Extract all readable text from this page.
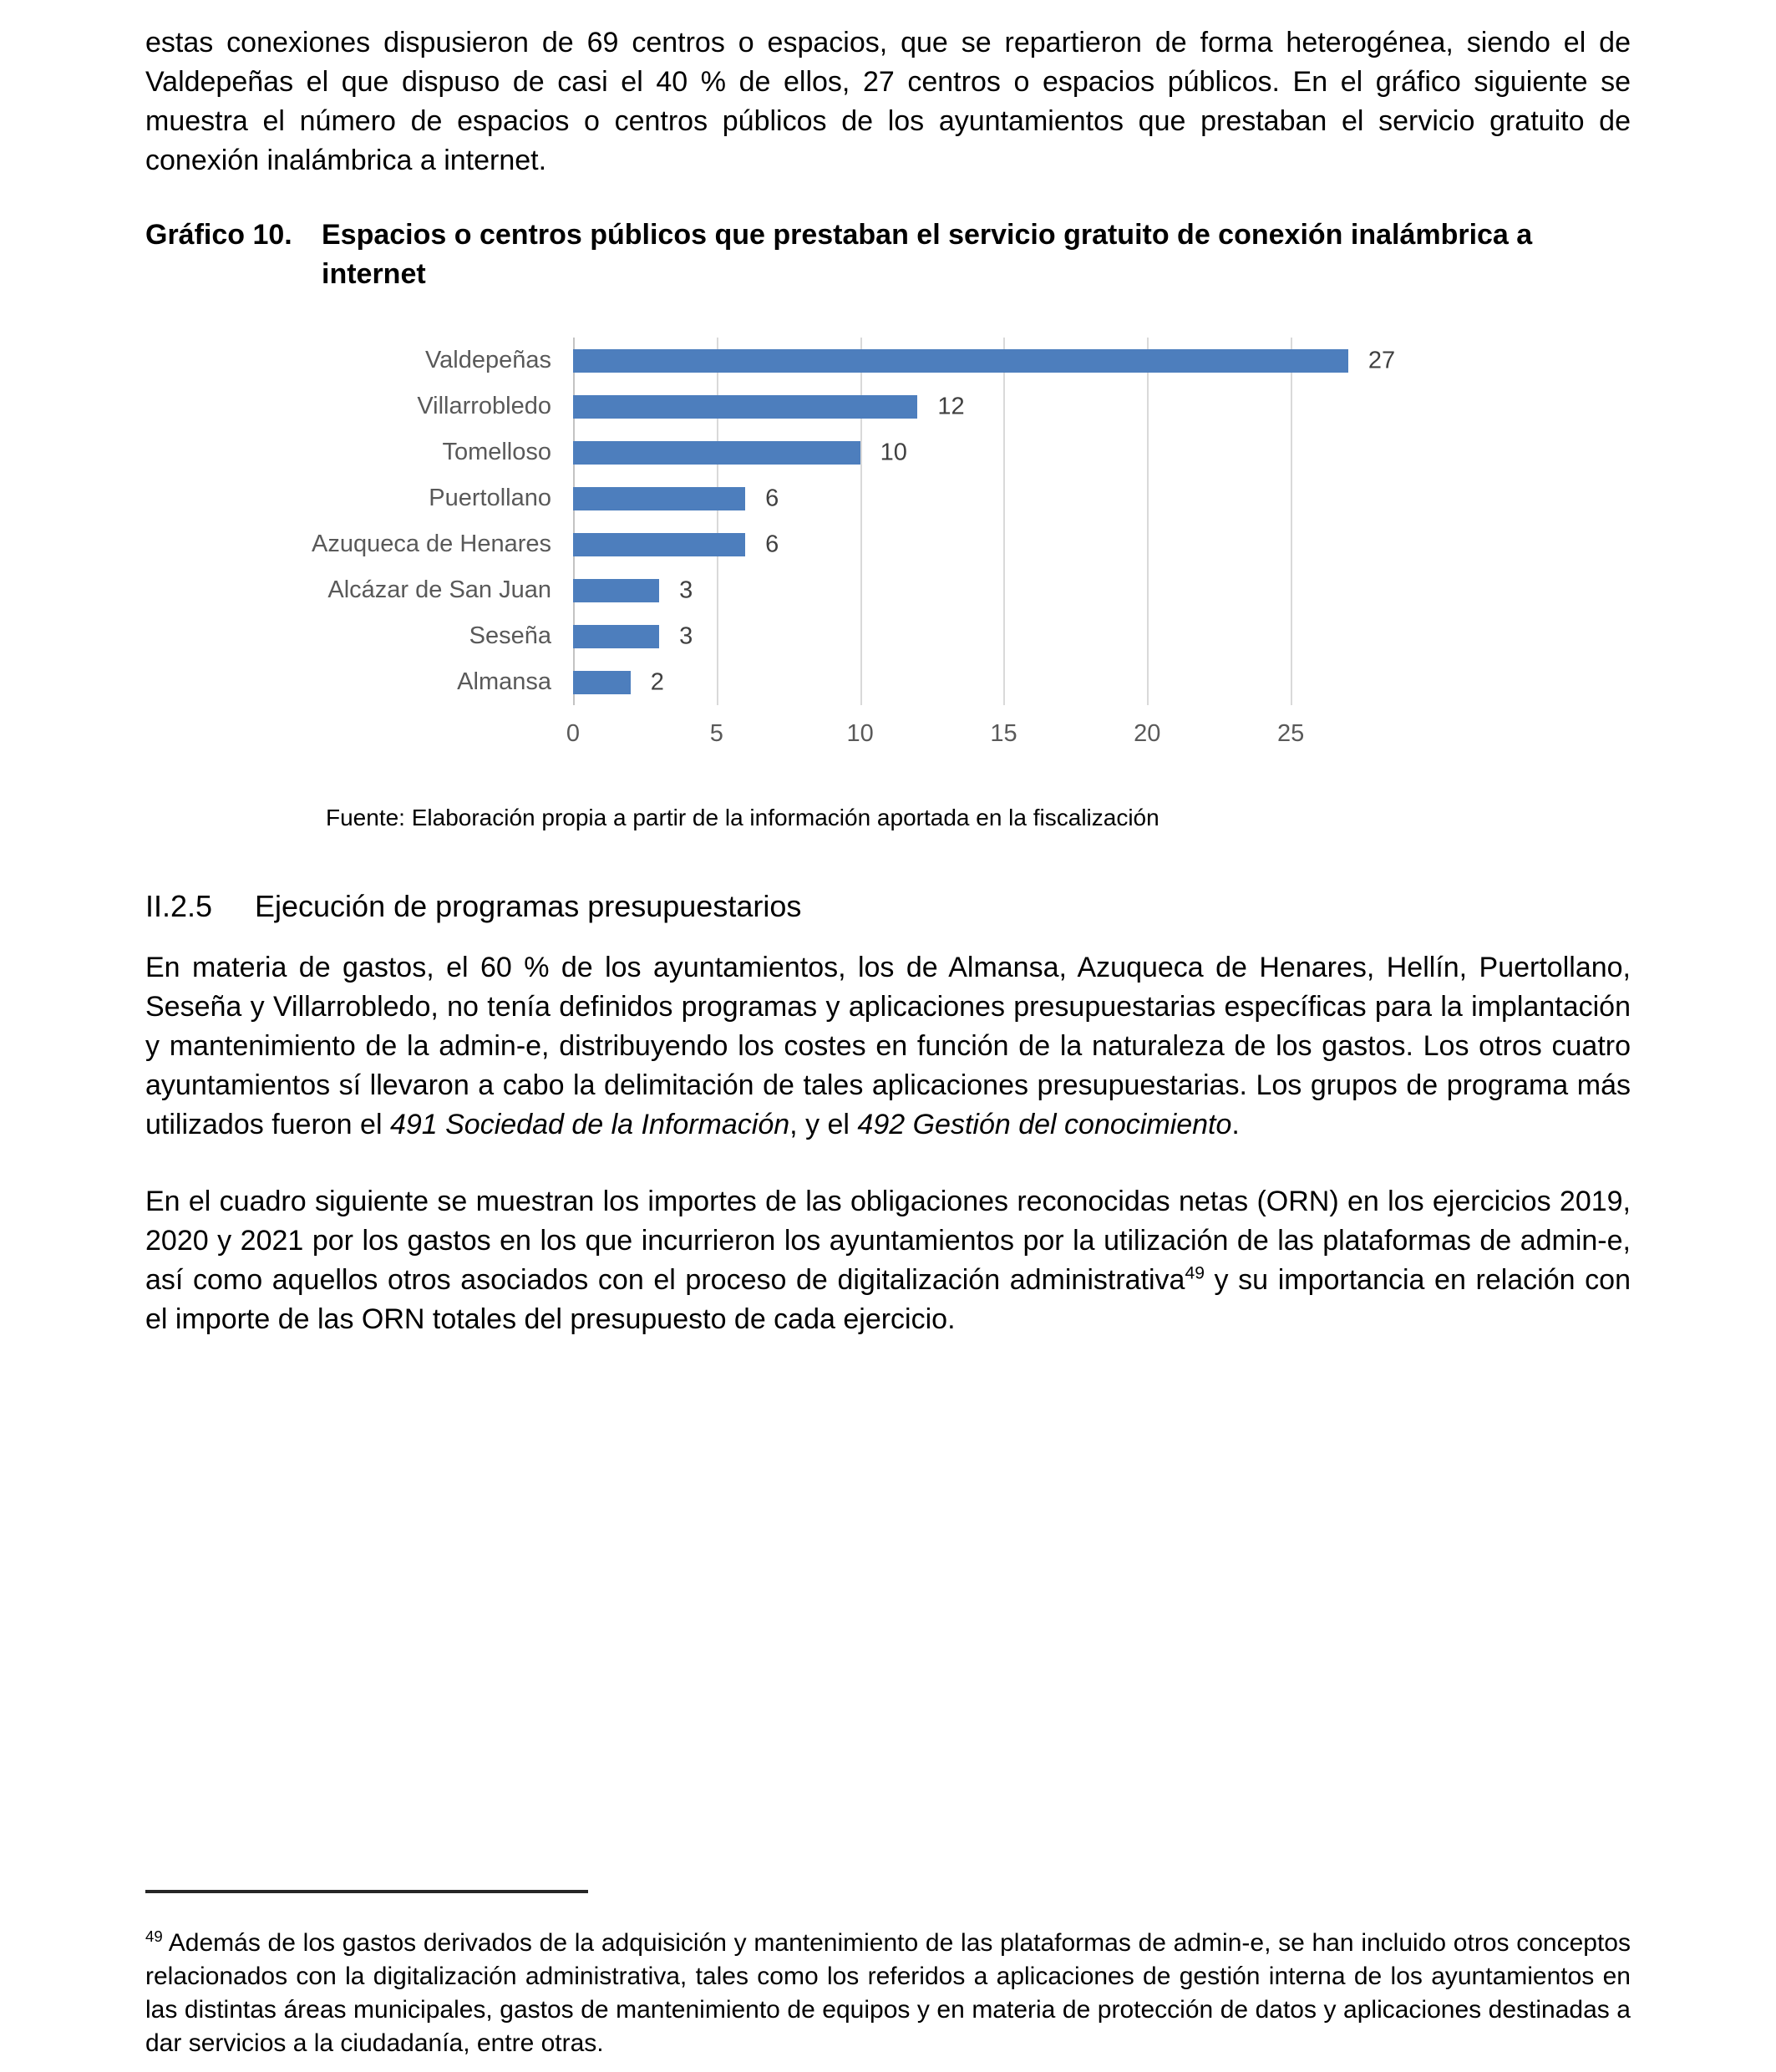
estas conexiones dispusieron de 69 centros o espacios, que se repartieron de forma heterogénea, siendo el de Valdepeñas el que dispuso de casi el 40 % de ellos, 27 centros o espacios públicos. En el gráfico siguiente se muestra el número de espacios o centros públicos de los ayuntamientos que prestaban el servicio gratuito de conexión inalámbrica a internet.

Gráfico 10.	Espacios o centros públicos que prestaban el servicio gratuito de conexión inalámbrica a internet
Valdepeñas
Villarrobledo
Tomelloso
Puertollano
Azuqueca de Henares
Alcázar de San Juan
Seseña
Almansa
27
12
10
6
6
3
3
2
0	5	10	15	20	25
Fuente: Elaboración propia a partir de la información aportada en la fiscalización
II.2.5	Ejecución de programas presupuestarios

En materia de gastos, el 60 % de los ayuntamientos, los de Almansa, Azuqueca de Henares, Hellín, Puertollano, Seseña y Villarrobledo, no tenía definidos programas y aplicaciones presupuestarias específicas para la implantación y mantenimiento de la admin-e, distribuyendo los costes en función de la naturaleza de los gastos. Los otros cuatro ayuntamientos sí llevaron a cabo la delimitación de tales aplicaciones presupuestarias. Los grupos de programa más utilizados fueron el 491 Sociedad de la Información, y el 492 Gestión del conocimiento.

En el cuadro siguiente se muestran los importes de las obligaciones reconocidas netas (ORN) en los ejercicios 2019, 2020 y 2021 por los gastos en los que incurrieron los ayuntamientos por la utilización de las plataformas de admin-e, así como aquellos otros asociados con el proceso de digitalización administrativa$^{49}$ y su importancia en relación con el importe de las ORN totales del presupuesto de cada ejercicio.

$^{49}$ Además de los gastos derivados de la adquisición y mantenimiento de las plataformas de admin-e, se han incluido otros conceptos relacionados con la digitalización administrativa, tales como los referidos a aplicaciones de gestión interna de los ayuntamientos en las distintas áreas municipales, gastos de mantenimiento de equipos y en materia de protección de datos y aplicaciones destinadas a dar servicios a la ciudadanía, entre otras.
